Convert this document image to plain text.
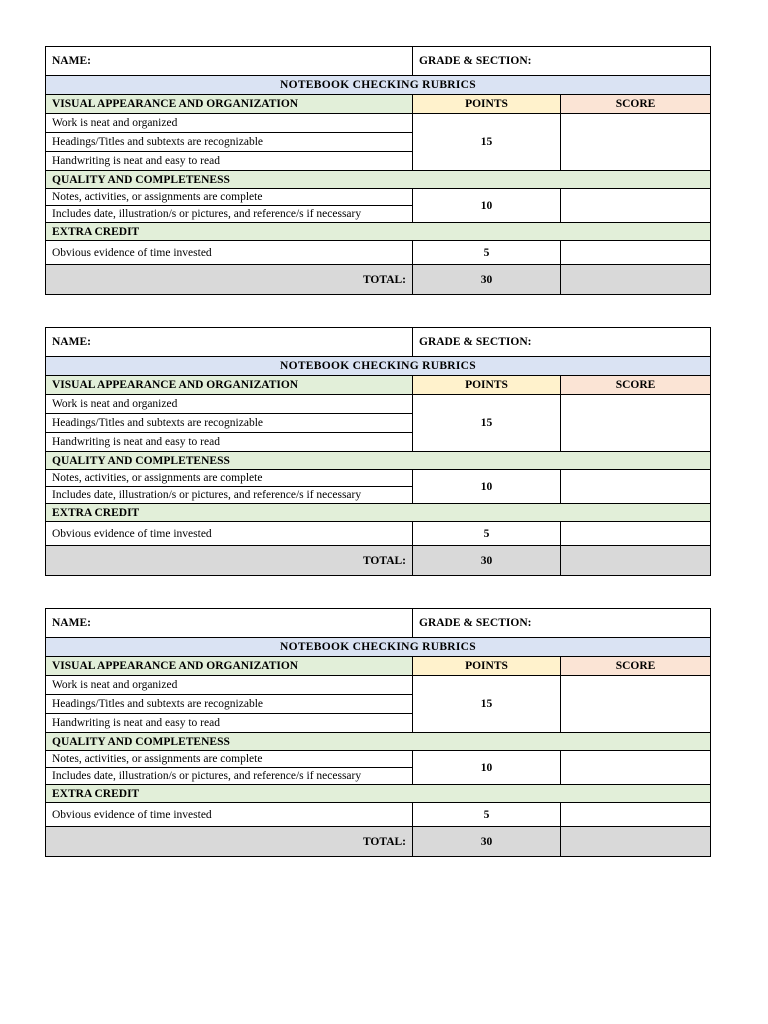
NAME:	GRADE & SECTION:	
NOTEBOOK CHECKING RUBRICS		
VISUAL APPEARANCE AND ORGANIZATION	POINTS	SCORE
Work is neat and organized	15	
Headings/Titles and subtexts are recognizable		
Handwriting is neat and easy to read		
QUALITY AND COMPLETENESS		
Notes, activities, or assignments are complete	10	
Includes date, illustration/s or pictures, and reference/s if necessary		
EXTRA CREDIT		
Obvious evidence of time invested	5	
TOTAL:	30	
NAME:	GRADE & SECTION:	
NOTEBOOK CHECKING RUBRICS		
VISUAL APPEARANCE AND ORGANIZATION	POINTS	SCORE
Work is neat and organized	15	
Headings/Titles and subtexts are recognizable		
Handwriting is neat and easy to read		
QUALITY AND COMPLETENESS		
Notes, activities, or assignments are complete	10	
Includes date, illustration/s or pictures, and reference/s if necessary		
EXTRA CREDIT		
Obvious evidence of time invested	5	
TOTAL:	30	
NAME:	GRADE & SECTION:	
NOTEBOOK CHECKING RUBRICS		
VISUAL APPEARANCE AND ORGANIZATION	POINTS	SCORE
Work is neat and organized	15	
Headings/Titles and subtexts are recognizable		
Handwriting is neat and easy to read		
QUALITY AND COMPLETENESS		
Notes, activities, or assignments are complete	10	
Includes date, illustration/s or pictures, and reference/s if necessary		
EXTRA CREDIT		
Obvious evidence of time invested	5	
TOTAL:	30	
